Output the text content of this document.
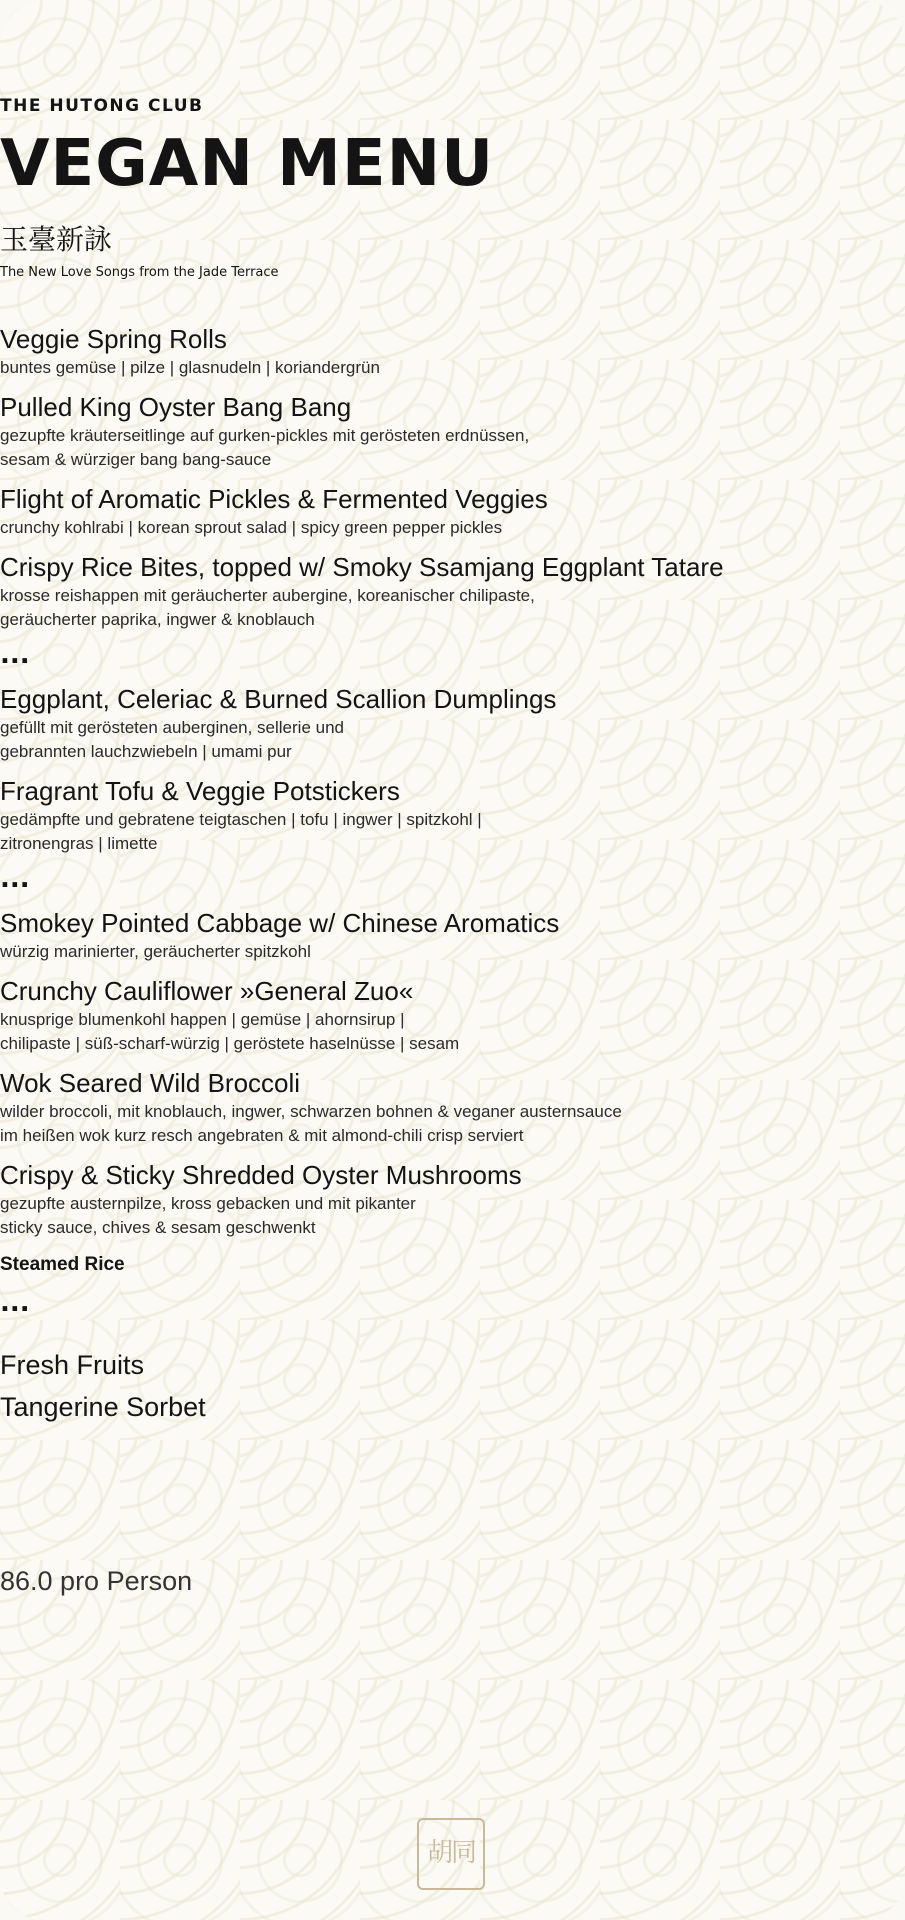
THE HUTONG CLUB
VEGAN MENU
玉臺新詠
The New Love Songs from the Jade Terrace
Veggie Spring Rolls
buntes gemüse | pilze | glasnudeln | koriandergrün
Pulled King Oyster Bang Bang
gezupfte kräuterseitlinge auf gurken-pickles mit gerösteten erdnüssen,
sesam & würziger bang bang-sauce
Flight of Aromatic Pickles & Fermented Veggies
crunchy kohlrabi | korean sprout salad | spicy green pepper pickles
Crispy Rice Bites, topped w/ Smoky Ssamjang Eggplant Tatare
krosse reishappen mit geräucherter aubergine, koreanischer chilipaste,
geräucherter paprika, ingwer & knoblauch
...
Eggplant, Celeriac & Burned Scallion Dumplings
gefüllt mit gerösteten auberginen, sellerie und
gebrannten lauchzwiebeln | umami pur
Fragrant Tofu & Veggie Potstickers
gedämpfte und gebratene teigtaschen | tofu | ingwer | spitzkohl |
zitronengras | limette
...
Smokey Pointed Cabbage w/ Chinese Aromatics
würzig marinierter, geräucherter spitzkohl
Crunchy Cauliflower »General Zuo«
knusprige blumenkohl happen | gemüse | ahornsirup |
chilipaste | süß-scharf-würzig | geröstete haselnüsse | sesam
Wok Seared Wild Broccoli
wilder broccoli, mit knoblauch, ingwer, schwarzen bohnen & veganer austernsauce
im heißen wok kurz resch angebraten & mit almond-chili crisp serviert
Crispy & Sticky Shredded Oyster Mushrooms
gezupfte austernpilze, kross gebacken und mit pikanter
sticky sauce, chives & sesam geschwenkt
Steamed Rice
...
Fresh Fruits
Tangerine Sorbet
86.0 pro Person
胡同
